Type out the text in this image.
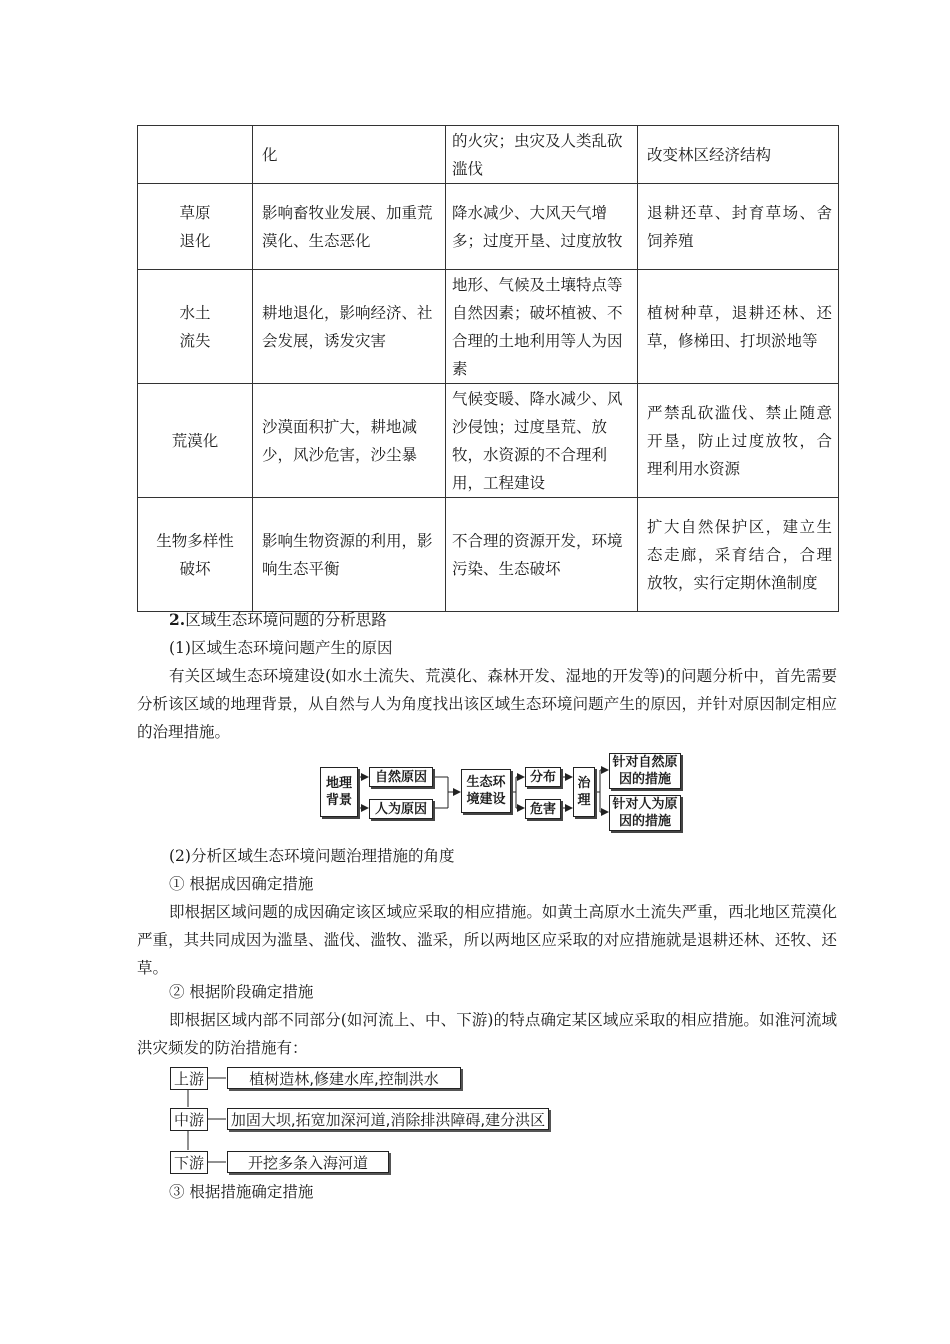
	化	的火灾；虫灾及人类乱砍滥伐	改变林区经济结构
草原
退化	影响畜牧业发展、加重荒漠化、生态恶化	降水减少、大风天气增多；过度开垦、过度放牧	退耕还草、封育草场、舍饲养殖
水土
流失	耕地退化，影响经济、社会发展，诱发灾害	地形、气候及土壤特点等自然因素；破坏植被、不合理的土地利用等人为因素	植树种草，退耕还林、还草，修梯田、打坝淤地等
荒漠化	沙漠面积扩大，耕地减少，风沙危害，沙尘暴	气候变暖、降水减少、风沙侵蚀；过度垦荒、放牧，水资源的不合理利用，工程建设	严禁乱砍滥伐、禁止随意开垦，防止过度放牧，合理利用水资源
生物多样性
破坏	影响生物资源的利用，影响生态平衡	不合理的资源开发，环境污染、生态破坏	扩大自然保护区，建立生态走廊，采育结合，合理放牧，实行定期休渔制度

2.区域生态环境问题的分析思路

(1)区域生态环境问题产生的原因

有关区域生态环境建设(如水土流失、荒漠化、森林开发、湿地的开发等)的问题分析中，首先需要分析该区域的地理背景，从自然与人为角度找出该区域生态环境问题产生的原因，并针对原因制定相应的治理措施。

地理
背景
自然原因
人为原因
生态环
境建设
分布
危害
治
理
针对自然原
因的措施
针对人为原
因的措施

(2)分析区域生态环境问题治理措施的角度

① 根据成因确定措施

即根据区域问题的成因确定该区域应采取的相应措施。如黄土高原水土流失严重，西北地区荒漠化严重，其共同成因为滥垦、滥伐、滥牧、滥采，所以两地区应采取的对应措施就是退耕还林、还牧、还草。

② 根据阶段确定措施

即根据区域内部不同部分(如河流上、中、下游)的特点确定某区域应采取的相应措施。如淮河流域洪灾频发的防治措施有：

上游	植树造林,修建水库,控制洪水
中游 加固大坝,拓宽加深河道,消除排洪障碍,建分洪区
下游	开挖多条入海河道

③ 根据措施确定措施
